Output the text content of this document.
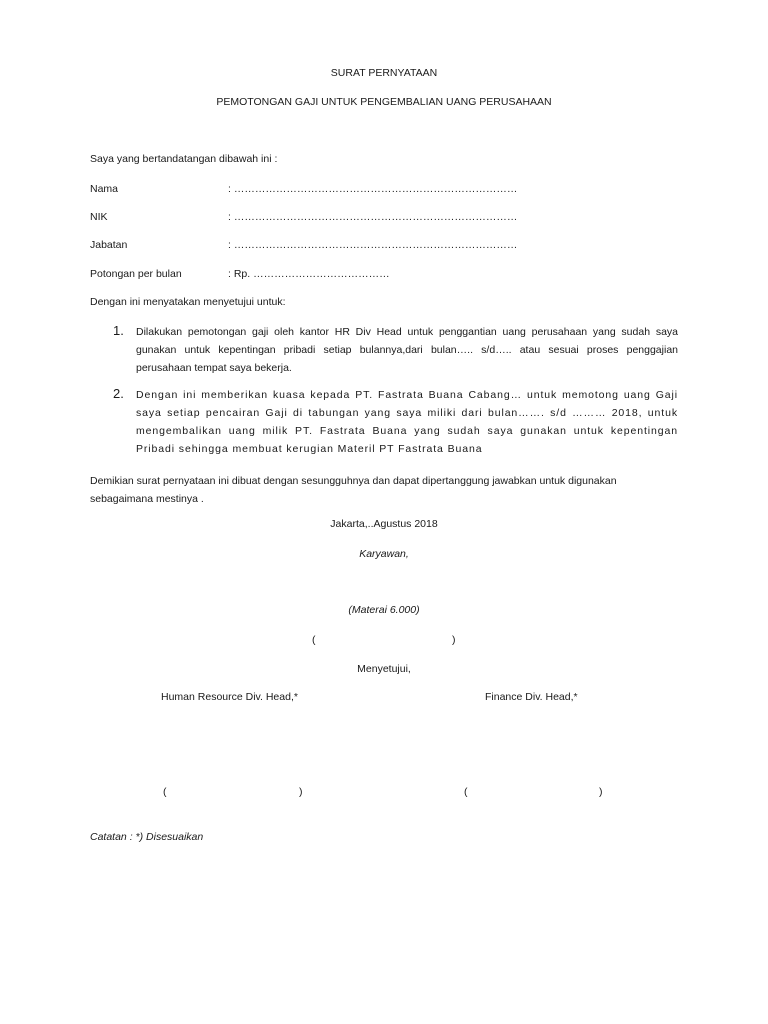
SURAT PERNYATAAN
PEMOTONGAN GAJI UNTUK PENGEMBALIAN UANG PERUSAHAAN
Saya yang bertandatangan dibawah ini :
Nama	: ………………………………………………………………………
NIK	: ………………………………………………………………………
Jabatan	: ………………………………………………………………………
Potongan per bulan	: Rp. …………………………………
Dengan ini menyatakan menyetujui untuk:
1. Dilakukan pemotongan gaji oleh kantor HR Div Head untuk penggantian uang perusahaan yang sudah saya gunakan untuk kepentingan pribadi setiap bulannya,dari bulan….. s/d….. atau sesuai proses penggajian perusahaan tempat saya bekerja.
2. Dengan ini memberikan kuasa kepada PT. Fastrata Buana Cabang… untuk memotong uang Gaji saya setiap pencairan Gaji di tabungan yang saya miliki dari bulan……. s/d ……… 2018, untuk mengembalikan uang milik PT. Fastrata Buana yang sudah saya gunakan untuk kepentingan Pribadi sehingga membuat kerugian Materil PT Fastrata Buana
Demikian surat pernyataan ini dibuat dengan sesungguhnya dan dapat dipertanggung jawabkan untuk digunakan sebagaimana mestinya .
Jakarta,..Agustus 2018
Karyawan,
(Materai 6.000)
(	)
Menyetujui,
Human Resource Div. Head,*	Finance Div. Head,*
(	)	(	)
Catatan : *) Disesuaikan
